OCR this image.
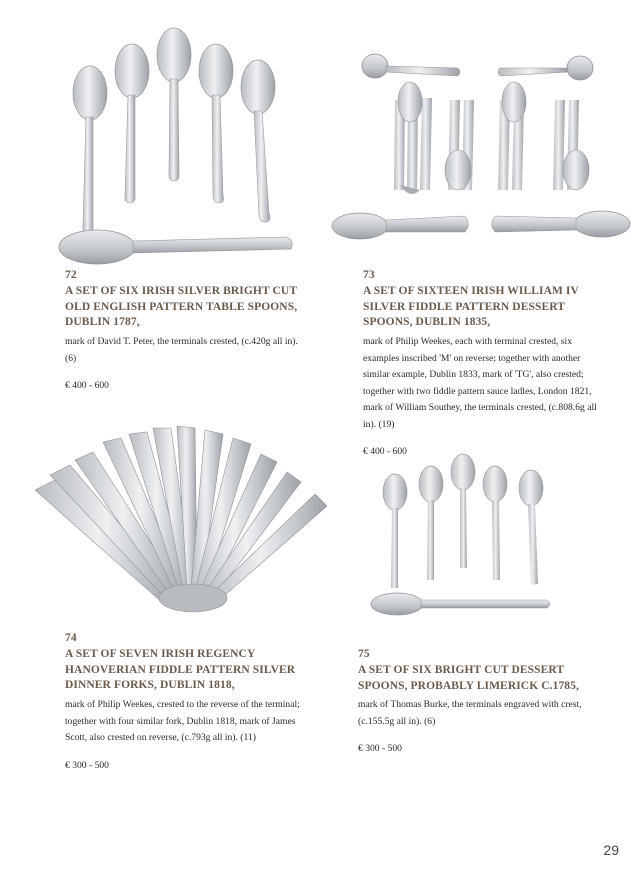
72
A SET OF SIX IRISH SILVER BRIGHT CUT OLD ENGLISH PATTERN TABLE SPOONS, DUBLIN 1787,
mark of David T. Peter, the terminals crested, (c.420g all in). (6)
€ 400 - 600
73
A SET OF SIXTEEN IRISH WILLIAM IV SILVER FIDDLE PATTERN DESSERT SPOONS, DUBLIN 1835,
mark of Philip Weekes, each with terminal crested, six examples inscribed 'M' on reverse; together with another similar example, Dublin 1833, mark of 'TG', also crested; together with two fiddle pattern sauce ladles, London 1821, mark of William Southey, the terminals crested, (c.808.6g all in). (19)
€ 400 - 600
74
A SET OF SEVEN IRISH REGENCY HANOVERIAN FIDDLE PATTERN SILVER DINNER FORKS, DUBLIN 1818,
mark of Philip Weekes, crested to the reverse of the terminal; together with four similar fork, Dublin 1818, mark of James Scott, also crested on reverse, (c.793g all in). (11)
€ 300 - 500
75
A SET OF SIX BRIGHT CUT DESSERT SPOONS, PROBABLY LIMERICK C.1785,
mark of Thomas Burke, the terminals engraved with crest, (c.155.5g all in). (6)
€ 300 - 500
29
